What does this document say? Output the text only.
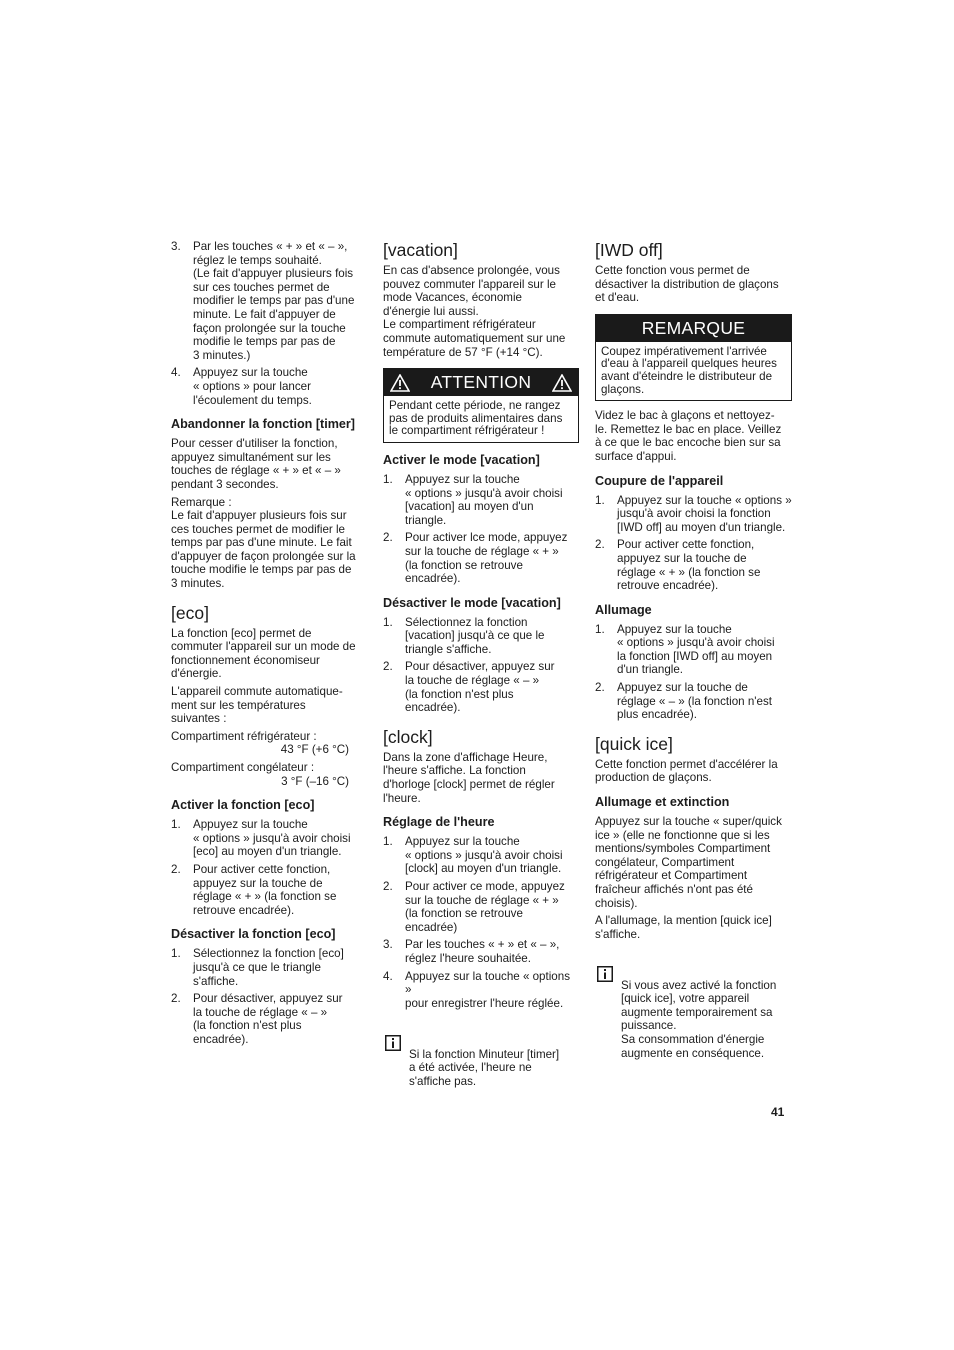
3. Par les touches « + » et « – »,
réglez le temps souhaité.
(Le fait d'appuyer plusieurs fois
sur ces touches permet de
modifier le temps par pas d'une
minute. Le fait d'appuyer de
façon prolongée sur la touche
modifie le temps par pas de
3 minutes.)
4. Appuyez sur la touche
« options » pour lancer
l'écoulement du temps.
Abandonner la fonction [timer]

Pour cesser d'utiliser la fonction,
appuyez simultanément sur les
touches de réglage « + » et « – »
pendant 3 secondes.

Remarque :
Le fait d'appuyer plusieurs fois sur
ces touches permet de modifier le
temps par pas d'une minute. Le fait
d'appuyer de façon prolongée sur la
touche modifie le temps par pas de
3 minutes.

[eco]

La fonction [eco] permet de
commuter l'appareil sur un mode de
fonctionnement économiseur
d'énergie.

L'appareil commute automatique-
ment sur les températures
suivantes :

Compartiment réfrigérateur :
43 °F (+6 °C)
Compartiment congélateur :
3 °F (–16 °C)
Activer la fonction [eco]
1. Appuyez sur la touche
« options » jusqu'à avoir choisi
[eco] au moyen d'un triangle.
2. Pour activer cette fonction,
appuyez sur la touche de
réglage « + » (la fonction se
retrouve encadrée).
Désactiver la fonction [eco]
1. Sélectionnez la fonction [eco]
jusqu'à ce que le triangle
s'affiche.
2. Pour désactiver, appuyez sur
la touche de réglage « – »
(la fonction n'est plus
encadrée).
[vacation]

En cas d'absence prolongée, vous
pouvez commuter l'appareil sur le
mode Vacances, économie
d'énergie lui aussi.
Le compartiment réfrigérateur
commute automatiquement sur une
température de 57 °F (+14 °C).

ATTENTION
Pendant cette période, ne rangez
pas de produits alimentaires dans
le compartiment réfrigérateur !
Activer le mode [vacation]
1. Appuyez sur la touche
« options » jusqu'à avoir choisi
[vacation] au moyen d'un
triangle.
2. Pour activer lce mode, appuyez
sur la touche de réglage « + »
(la fonction se retrouve
encadrée).
Désactiver le mode [vacation]
1. Sélectionnez la fonction
[vacation] jusqu'à ce que le
triangle s'affiche.
2. Pour désactiver, appuyez sur
la touche de réglage « – »
(la fonction n'est plus
encadrée).
[clock]

Dans la zone d'affichage Heure,
l'heure s'affiche. La fonction
d'horloge [clock] permet de régler
l'heure.

Réglage de l'heure
1. Appuyez sur la touche
« options » jusqu'à avoir choisi
[clock] au moyen d'un triangle.
2. Pour activer ce mode, appuyez
sur la touche de réglage « + »
(la fonction se retrouve
encadrée)
3. Par les touches « + » et « – »,
réglez l'heure souhaitée.
4. Appuyez sur la touche « options »
pour enregistrer l'heure réglée.

Si la fonction Minuteur [timer]
a été activée, l'heure ne
s'affiche pas.

[IWD off]

Cette fonction vous permet de
désactiver la distribution de glaçons
et d'eau.

REMARQUE
Coupez impérativement l'arrivée
d'eau à l'appareil quelques heures
avant d'éteindre le distributeur de
glaçons.

Videz le bac à glaçons et nettoyez-
le. Remettez le bac en place. Veillez
à ce que le bac encoche bien sur sa
surface d'appui.

Coupure de l'appareil
1. Appuyez sur la touche « options »
jusqu'à avoir choisi la fonction
[IWD off] au moyen d'un triangle.
2. Pour activer cette fonction,
appuyez sur la touche de
réglage « + » (la fonction se
retrouve encadrée).
Allumage
1. Appuyez sur la touche
« options » jusqu'à avoir choisi
la fonction [IWD off] au moyen
d'un triangle.
2. Appuyez sur la touche de
réglage « – » (la fonction n'est
plus encadrée).
[quick ice]

Cette fonction permet d'accélérer la
production de glaçons.

Allumage et extinction

Appuyez sur la touche « super/quick
ice » (elle ne fonctionne que si les
mentions/symboles Compartiment
congélateur, Compartiment
réfrigérateur et Compartiment
fraîcheur affichés n'ont pas été
choisis).

A l'allumage, la mention [quick ice]
s'affiche.

Si vous avez activé la fonction
[quick ice], votre appareil
augmente temporairement sa
puissance.
Sa consommation d'énergie
augmente en conséquence.

41
